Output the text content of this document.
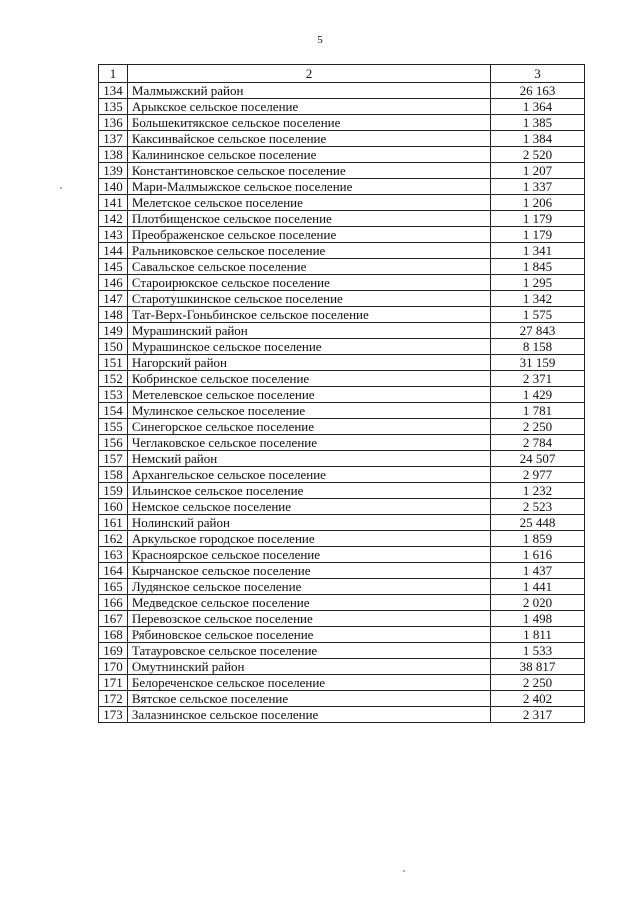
5
1	2	3
134	Малмыжский район	26 163
135	Арыкское сельское поселение	1 364
136	Большекитякское сельское поселение	1 385
137	Каксинвайское сельское поселение	1 384
138	Калининское сельское поселение	2 520
139	Константиновское сельское поселение	1 207
140	Мари-Малмыжское сельское поселение	1 337
141	Мелетское сельское поселение	1 206
142	Плотбищенское сельское поселение	1 179
143	Преображенское сельское поселение	1 179
144	Ральниковское сельское поселение	1 341
145	Савальское сельское поселение	1 845
146	Староирюкское сельское поселение	1 295
147	Старотушкинское сельское поселение	1 342
148	Тат-Верх-Гоньбинское сельское поселение	1 575
149	Мурашинский район	27 843
150	Мурашинское сельское поселение	8 158
151	Нагорский район	31 159
152	Кобринское сельское поселение	2 371
153	Метелевское сельское поселение	1 429
154	Мулинское сельское поселение	1 781
155	Синегорское сельское поселение	2 250
156	Чеглаковское сельское поселение	2 784
157	Немский район	24 507
158	Архангельское сельское поселение	2 977
159	Ильинское сельское поселение	1 232
160	Немское сельское поселение	2 523
161	Нолинский район	25 448
162	Аркульское городское поселение	1 859
163	Красноярское сельское поселение	1 616
164	Кырчанское сельское поселение	1 437
165	Лудянское сельское поселение	1 441
166	Медведское сельское поселение	2 020
167	Перевозское сельское поселение	1 498
168	Рябиновское сельское поселение	1 811
169	Татауровское сельское поселение	1 533
170	Омутнинский район	38 817
171	Белореченское сельское поселение	2 250
172	Вятское сельское поселение	2 402
173	Залазнинское сельское поселение	2 317
